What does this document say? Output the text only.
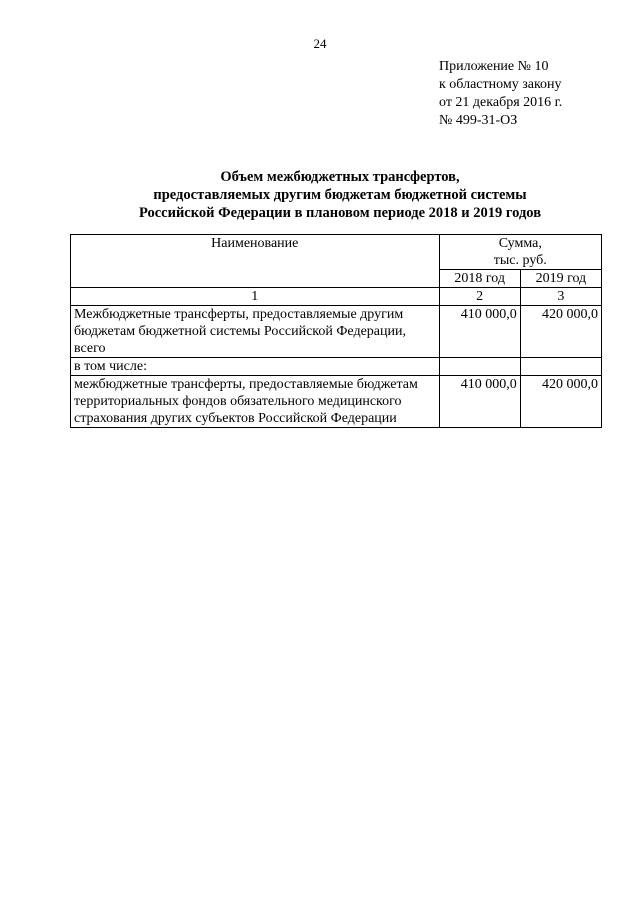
24
Приложение № 10
к областному закону
от 21 декабря 2016 г.
№ 499-31-ОЗ
Объем межбюджетных трансфертов,
предоставляемых другим бюджетам бюджетной системы
Российской Федерации в плановом периоде 2018 и 2019 годов
Наименование	Сумма,
тыс. руб.	

	2018 год	2019 год
1	2	3
Межбюджетные трансферты, предоставляемые другим бюджетам бюджетной системы Российской Федерации, всего	410 000,0	420 000,0
в том числе:		
межбюджетные трансферты, предоставляемые бюджетам территориальных фондов обязательного медицинского страхования других субъектов Российской Федерации	410 000,0	420 000,0
